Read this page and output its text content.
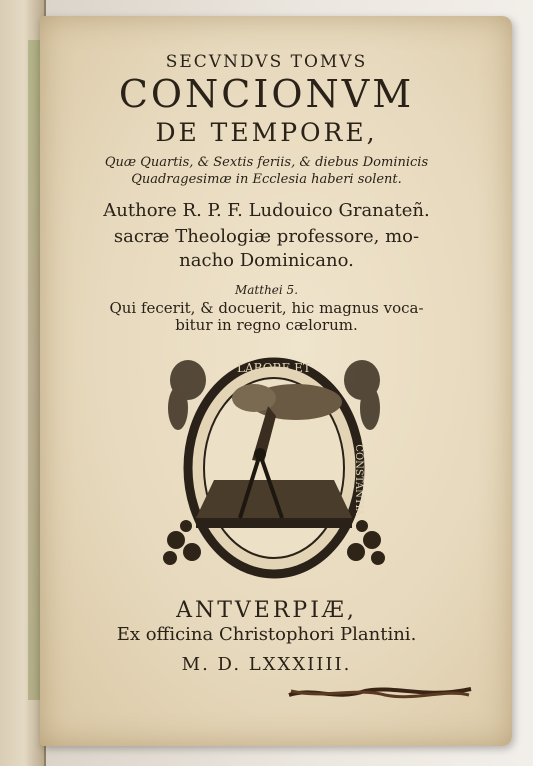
SECVNDVS TOMVS
CONCIONVM
DE TEMPORE,
Quæ Quartis, & Sextis feriis, & diebus Dominicis
Quadragesimæ in Ecclesia haberi solent.
Authore R. P. F. Ludouico Granateñ.
sacræ Theologiæ professore, mo-
nacho Dominicano.
Matthei 5.
Qui fecerit, & docuerit, hic magnus voca-
bitur in regno cælorum.
LABORE ET
CONSTANTIA
ANTVERPIÆ,
Ex officina Christophori Plantini.
M. D. LXXXIIII.
